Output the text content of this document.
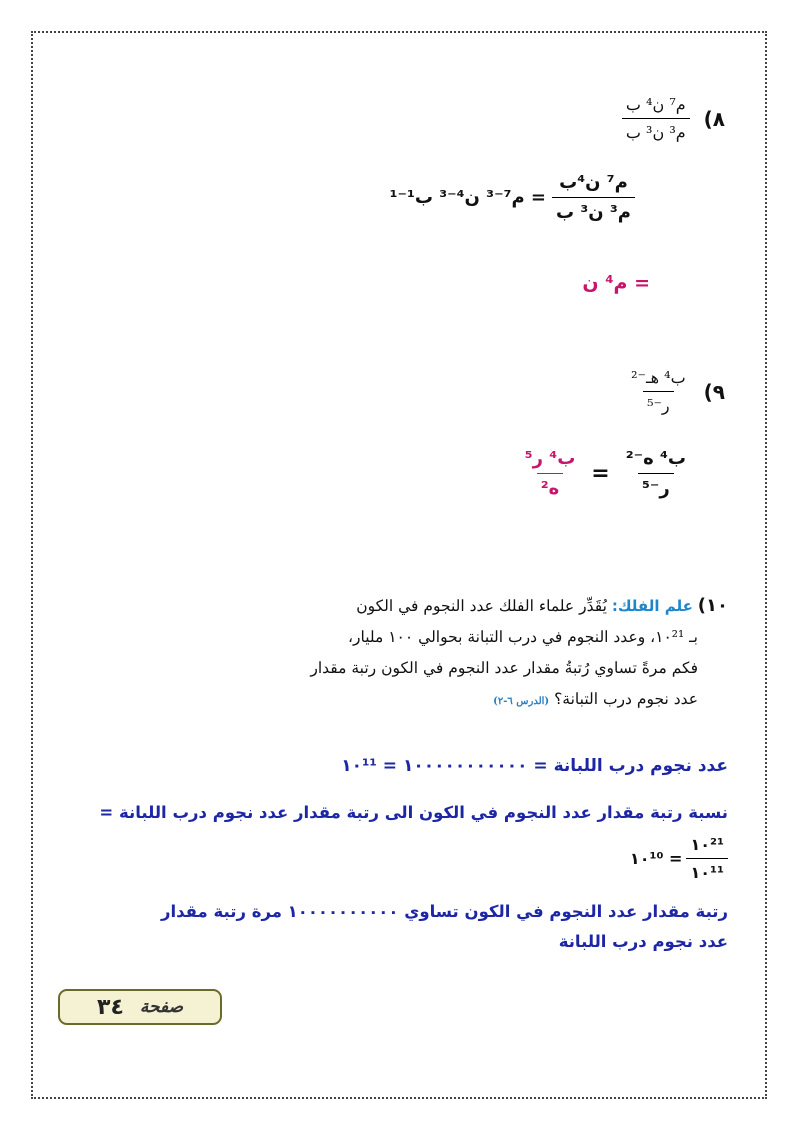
٨)
$\frac{\text{م⁷ ن⁴ ب}}{\text{م³ ن³ ب}}$
$\frac{\text{م⁷ ن⁴ب}}{\text{م³ ن³ ب}}$
= م⁷⁻³ ن⁴⁻³ ب¹⁻¹
= م⁴ ن
٩)
$\frac{\text{ب⁴ هـ⁻²}}{\text{ر⁻⁵}}$
$\frac{\text{ب⁴ ه⁻²}}{\text{ر⁻⁵}}$
=
$\frac{\text{ب⁴ ر⁵}}{\text{ه²}}$
١٠) علم الفلك: يُقَدِّر علماء الفلك عدد النجوم في الكون
بـ ١٠²¹، وعدد النجوم في درب التبانة بحوالي ١٠٠ مليار،
فكم مرةً تساوي رُتبةُ مقدار عدد النجوم في الكون رتبة مقدار
عدد نجوم درب التبانة؟ (الدرس ٦-٢)
عدد نجوم درب اللبانة = ١٠٠٠٠٠٠٠٠٠٠٠ = ١٠¹¹
نسبة رتبة مقدار عدد النجوم في الكون الى رتبة مقدار عدد نجوم درب اللبانة =
$\frac{\text{١٠²¹}}{\text{١٠¹¹}}$
= ١٠¹⁰
رتبة مقدار عدد النجوم في الكون تساوي ١٠٠٠٠٠٠٠٠٠٠ مرة رتبة مقدار
عدد نجوم درب اللبانة
صفحة
٣٤
